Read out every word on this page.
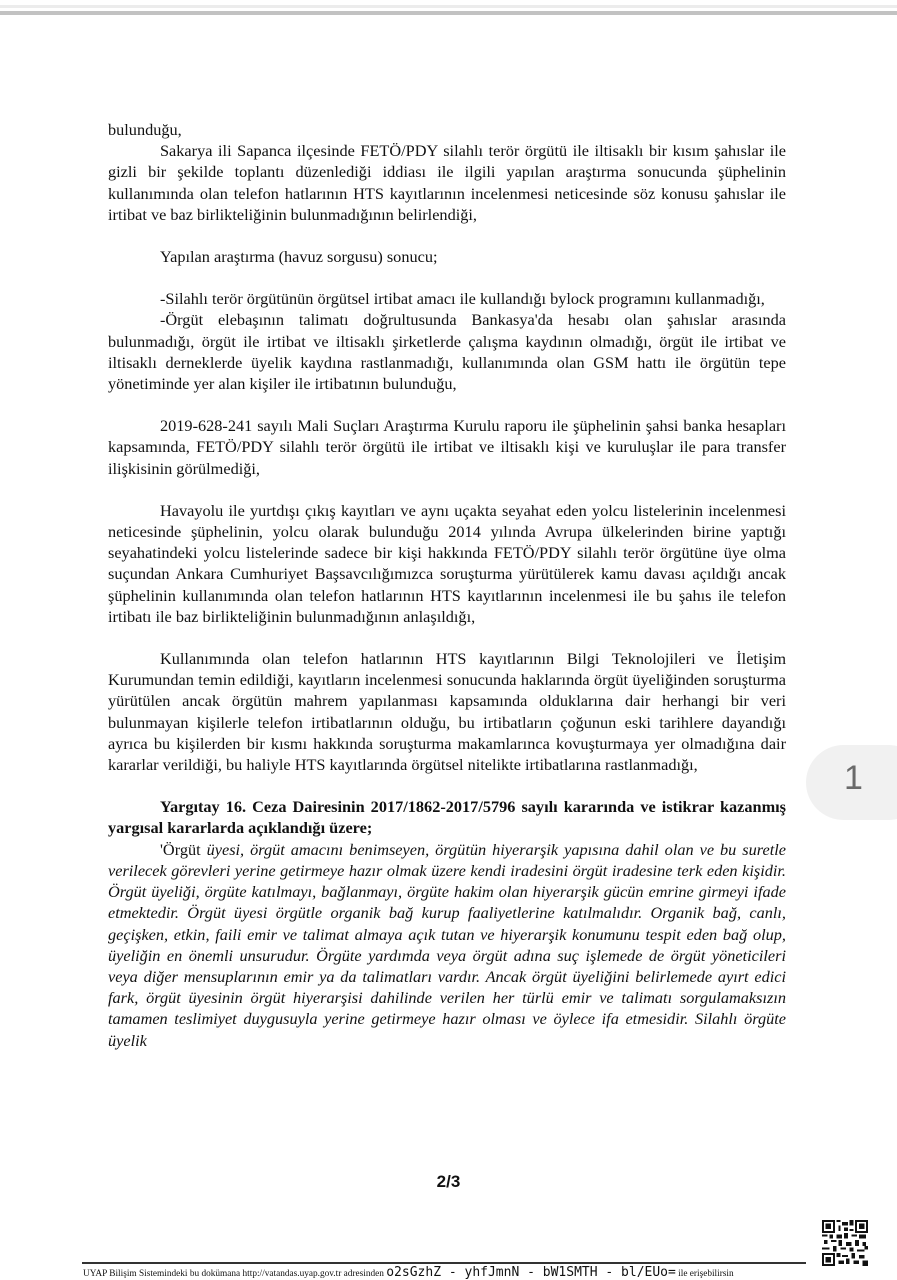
bulunduğu,

Sakarya ili Sapanca ilçesinde FETÖ/PDY silahlı terör örgütü ile iltisaklı bir kısım şahıslar ile gizli bir şekilde toplantı düzenlediği iddiası ile ilgili yapılan araştırma sonucunda şüphelinin kullanımında olan telefon hatlarının HTS kayıtlarının incelenmesi neticesinde söz konusu şahıslar ile irtibat ve baz birlikteliğinin bulunmadığının belirlendiği,

Yapılan araştırma (havuz sorgusu) sonucu;

-Silahlı terör örgütünün örgütsel irtibat amacı ile kullandığı bylock programını kullanmadığı,

-Örgüt elebaşının talimatı doğrultusunda Bankasya'da hesabı olan şahıslar arasında bulunmadığı, örgüt ile irtibat ve iltisaklı şirketlerde çalışma kaydının olmadığı, örgüt ile irtibat ve iltisaklı derneklerde üyelik kaydına rastlanmadığı, kullanımında olan GSM hattı ile örgütün tepe yönetiminde yer alan kişiler ile irtibatının bulunduğu,

2019-628-241 sayılı Mali Suçları Araştırma Kurulu raporu ile şüphelinin şahsi banka hesapları kapsamında, FETÖ/PDY silahlı terör örgütü ile irtibat ve iltisaklı kişi ve kuruluşlar ile para transfer ilişkisinin görülmediği,

Havayolu ile yurtdışı çıkış kayıtları ve aynı uçakta seyahat eden yolcu listelerinin incelenmesi neticesinde şüphelinin, yolcu olarak bulunduğu 2014 yılında Avrupa ülkelerinden birine yaptığı seyahatindeki yolcu listelerinde sadece bir kişi hakkında FETÖ/PDY silahlı terör örgütüne üye olma suçundan Ankara Cumhuriyet Başsavcılığımızca soruşturma yürütülerek kamu davası açıldığı ancak şüphelinin kullanımında olan telefon hatlarının HTS kayıtlarının incelenmesi ile bu şahıs ile telefon irtibatı ile baz birlikteliğinin bulunmadığının anlaşıldığı,

Kullanımında olan telefon hatlarının HTS kayıtlarının Bilgi Teknolojileri ve İletişim Kurumundan temin edildiği, kayıtların incelenmesi sonucunda haklarında örgüt üyeliğinden soruşturma yürütülen ancak örgütün mahrem yapılanması kapsamında olduklarına dair herhangi bir veri bulunmayan kişilerle telefon irtibatlarının olduğu, bu irtibatların çoğunun eski tarihlere dayandığı ayrıca bu kişilerden bir kısmı hakkında soruşturma makamlarınca kovuşturmaya yer olmadığına dair kararlar verildiği, bu haliyle HTS kayıtlarında örgütsel nitelikte irtibatlarına rastlanmadığı,

Yargıtay 16. Ceza Dairesinin 2017/1862-2017/5796 sayılı kararında ve istikrar kazanmış yargısal kararlarda açıklandığı üzere;

'Örgüt üyesi, örgüt amacını benimseyen, örgütün hiyerarşik yapısına dahil olan ve bu suretle verilecek görevleri yerine getirmeye hazır olmak üzere kendi iradesini örgüt iradesine terk eden kişidir. Örgüt üyeliği, örgüte katılmayı, bağlanmayı, örgüte hakim olan hiyerarşik gücün emrine girmeyi ifade etmektedir. Örgüt üyesi örgütle organik bağ kurup faaliyetlerine katılmalıdır. Organik bağ, canlı, geçişken, etkin, faili emir ve talimat almaya açık tutan ve hiyerarşik konumunu tespit eden bağ olup, üyeliğin en önemli unsurudur. Örgüte yardımda veya örgüt adına suç işlemede de örgüt yöneticileri veya diğer mensuplarının emir ya da talimatları vardır. Ancak örgüt üyeliğini belirlemede ayırt edici fark, örgüt üyesinin örgüt hiyerarşisi dahilinde verilen her türlü emir ve talimatı sorgulamaksızın tamamen teslimiyet duygusuyla yerine getirmeye hazır olması ve öylece ifa etmesidir. Silahlı örgüte üyelik

2/3
1
UYAP Bilişim Sistemindeki bu dokümana http://vatandas.uyap.gov.tr adresinden o2sGzhZ - yhfJmnN - bW1SMTH - bl/EUo= ile erişebilirsin
